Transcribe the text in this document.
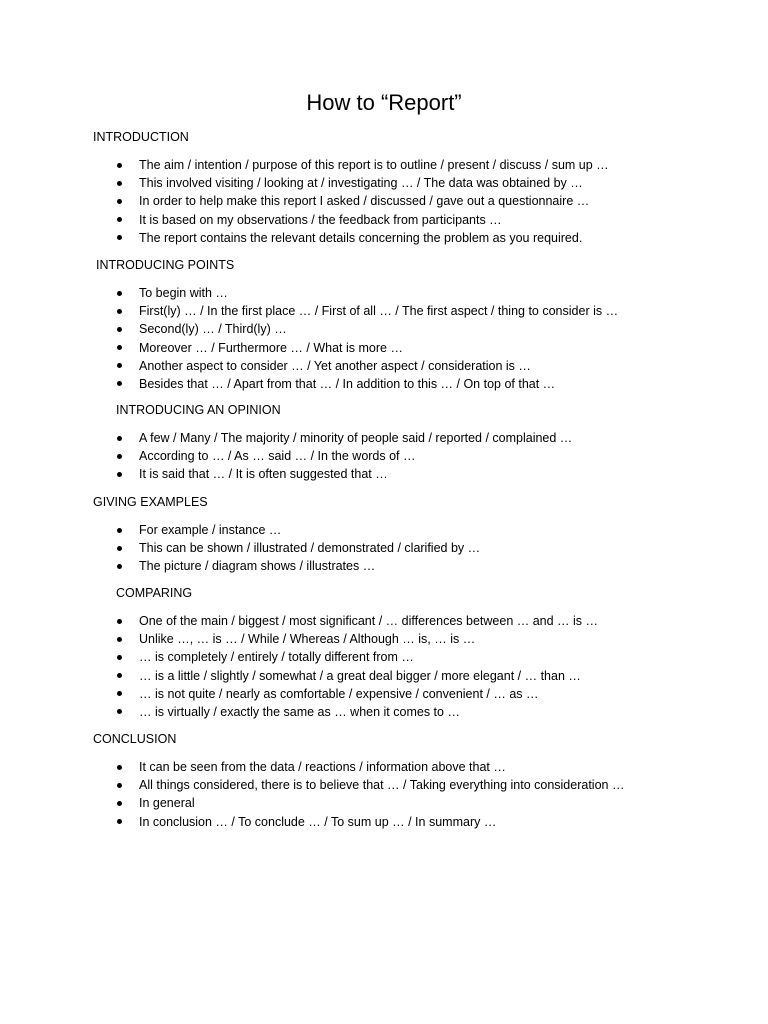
How to “Report”
INTRODUCTION
The aim / intention / purpose of this report is to outline / present / discuss / sum up …
This involved visiting / looking at / investigating … / The data was obtained by …
In order to help make this report I asked / discussed / gave out a questionnaire …
It is based on my observations / the feedback from participants …
The report contains the relevant details concerning the problem as you required.
INTRODUCING POINTS
To begin with …
First(ly) … / In the first place … / First of all … / The first aspect / thing to consider is …
Second(ly) … / Third(ly) …
Moreover … / Furthermore … / What is more …
Another aspect to consider … / Yet another aspect / consideration is …
Besides that … / Apart from that … / In addition to this … / On top of that …
INTRODUCING AN OPINION
A few / Many / The majority / minority of people said / reported / complained …
According to … / As … said … / In the words of …
It is said that … / It is often suggested that …
GIVING EXAMPLES
For example / instance …
This can be shown / illustrated / demonstrated / clarified by …
The picture / diagram shows / illustrates …
COMPARING
One of the main / biggest / most significant / … differences between … and … is …
Unlike …, … is … / While / Whereas / Although … is, … is …
… is completely / entirely / totally different from …
… is a little / slightly / somewhat / a great deal bigger / more elegant / … than …
… is not quite / nearly as comfortable / expensive / convenient / … as …
… is virtually / exactly the same as … when it comes to …
CONCLUSION
It can be seen from the data / reactions / information above that …
All things considered, there is to believe that … / Taking everything into consideration …
In general
In conclusion … / To conclude … / To sum up … / In summary …
